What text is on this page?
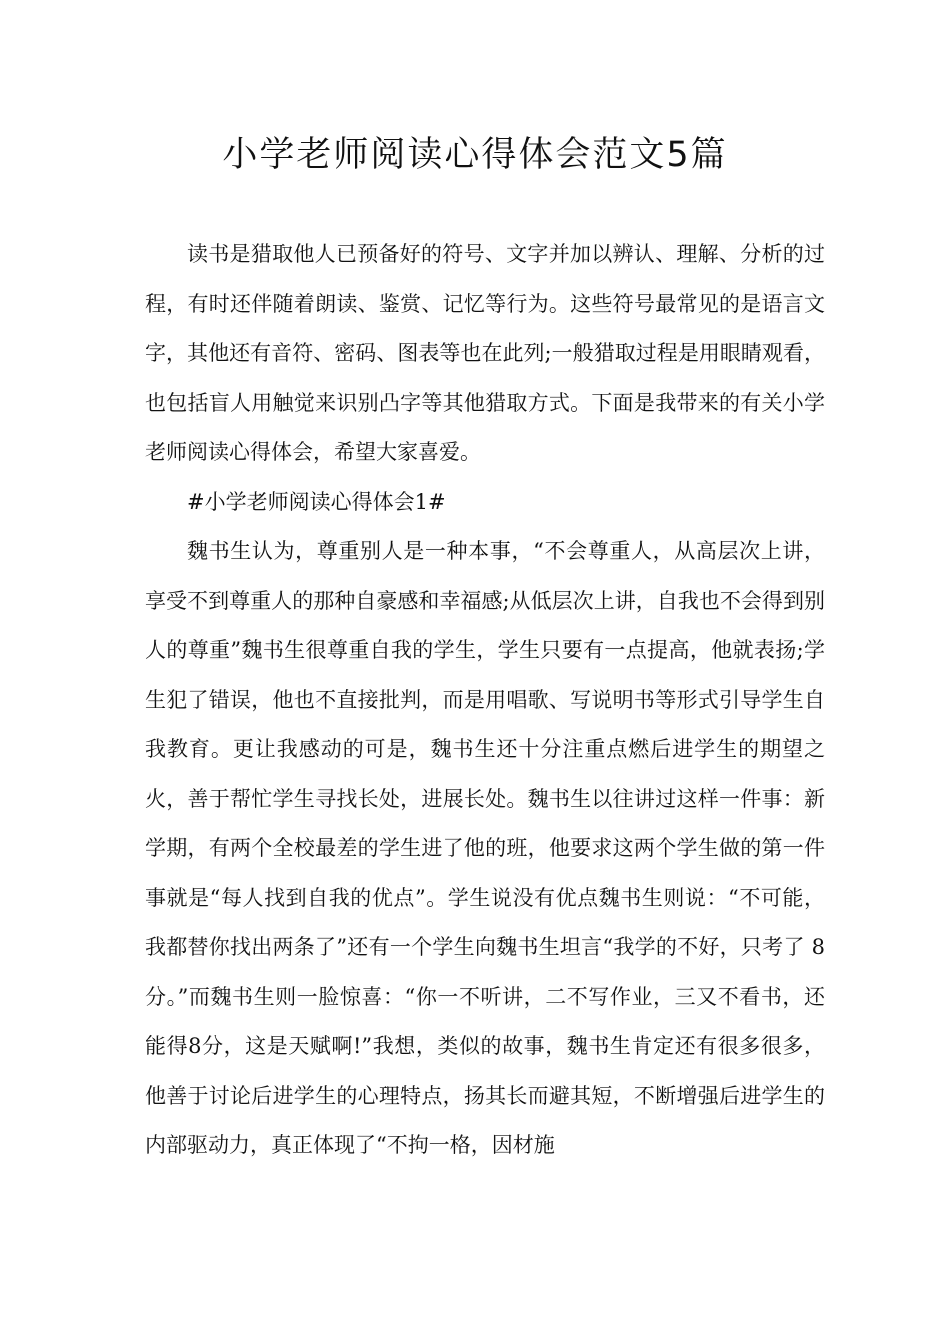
小学老师阅读心得体会范文5篇

读书是猎取他人已预备好的符号、文字并加以辨认、理解、分析的过程，有时还伴随着朗读、鉴赏、记忆等行为。这些符号最常见的是语言文字，其他还有音符、密码、图表等也在此列;一般猎取过程是用眼睛观看，也包括盲人用触觉来识别凸字等其他猎取方式。下面是我带来的有关小学老师阅读心得体会，希望大家喜爱。

#小学老师阅读心得体会1#

魏书生认为，尊重别人是一种本事，“不会尊重人，从高层次上讲，享受不到尊重人的那种自豪感和幸福感;从低层次上讲，自我也不会得到别人的尊重”魏书生很尊重自我的学生，学生只要有一点提高，他就表扬;学生犯了错误，他也不直接批判，而是用唱歌、写说明书等形式引导学生自我教育。更让我感动的可是，魏书生还十分注重点燃后进学生的期望之火，善于帮忙学生寻找长处，进展长处。魏书生以往讲过这样一件事：新学期，有两个全校最差的学生进了他的班，他要求这两个学生做的第一件事就是“每人找到自我的优点”。学生说没有优点魏书生则说：“不可能，我都替你找出两条了”还有一个学生向魏书生坦言“我学的不好，只考了 8分。”而魏书生则一脸惊喜：“你一不听讲，二不写作业，三又不看书，还能得8分，这是天赋啊!”我想，类似的故事，魏书生肯定还有很多很多，他善于讨论后进学生的心理特点，扬其长而避其短，不断增强后进学生的内部驱动力，真正体现了“不拘一格，因材施
